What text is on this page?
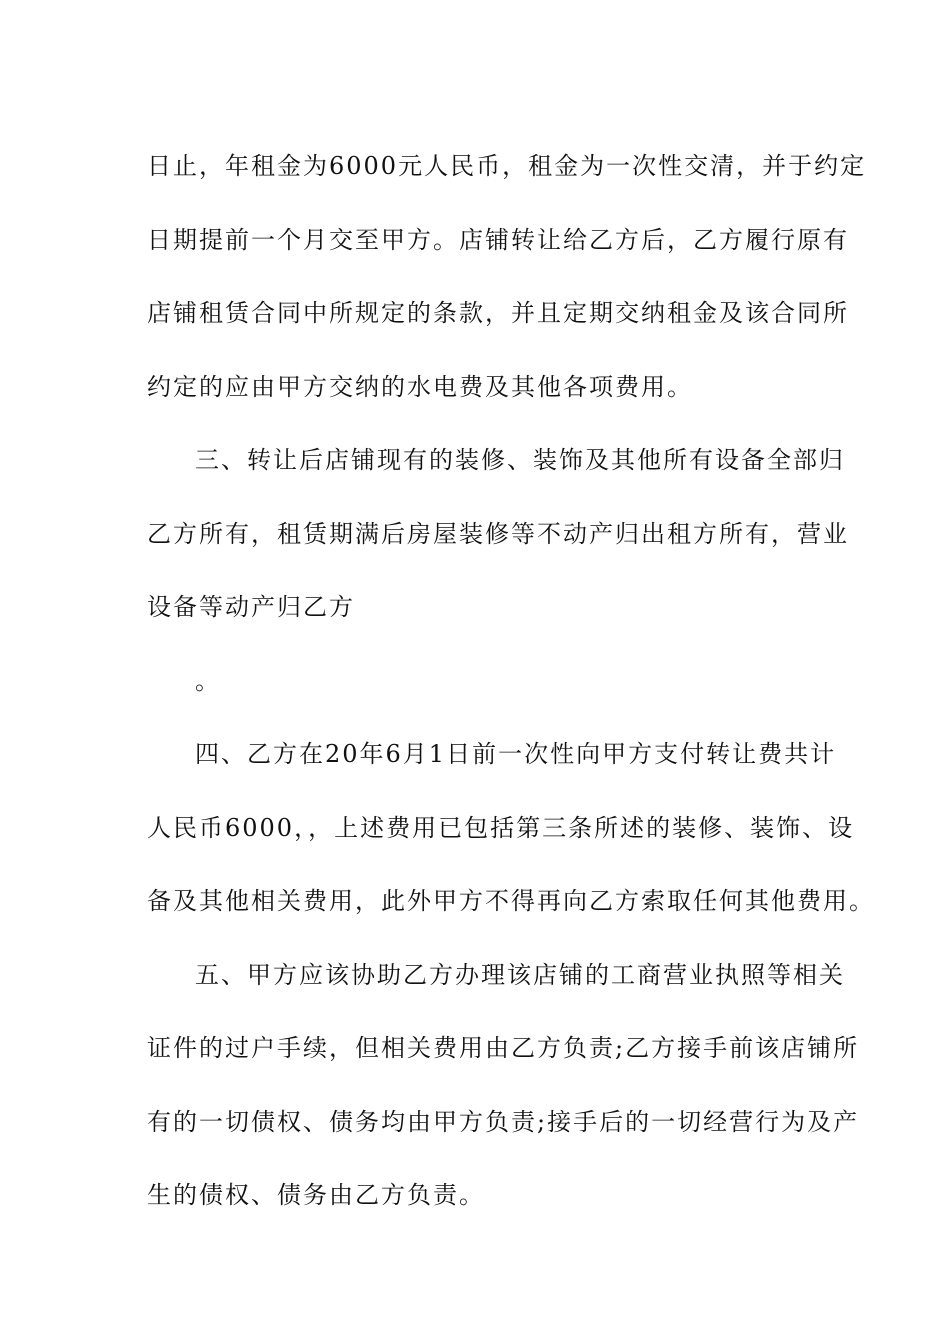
日止，年租金为6000元人民币，租金为一次性交清，并于约定
日期提前一个月交至甲方。店铺转让给乙方后，乙方履行原有
店铺租赁合同中所规定的条款，并且定期交纳租金及该合同所
约定的应由甲方交纳的水电费及其他各项费用。
三、转让后店铺现有的装修、装饰及其他所有设备全部归
乙方所有，租赁期满后房屋装修等不动产归出租方所有，营业
设备等动产归乙方
。
四、乙方在20年6月1日前一次性向甲方支付转让费共计
人民币6000，，上述费用已包括第三条所述的装修、装饰、设
备及其他相关费用，此外甲方不得再向乙方索取任何其他费用。
五、甲方应该协助乙方办理该店铺的工商营业执照等相关
证件的过户手续，但相关费用由乙方负责;乙方接手前该店铺所
有的一切债权、债务均由甲方负责;接手后的一切经营行为及产
生的债权、债务由乙方负责。
